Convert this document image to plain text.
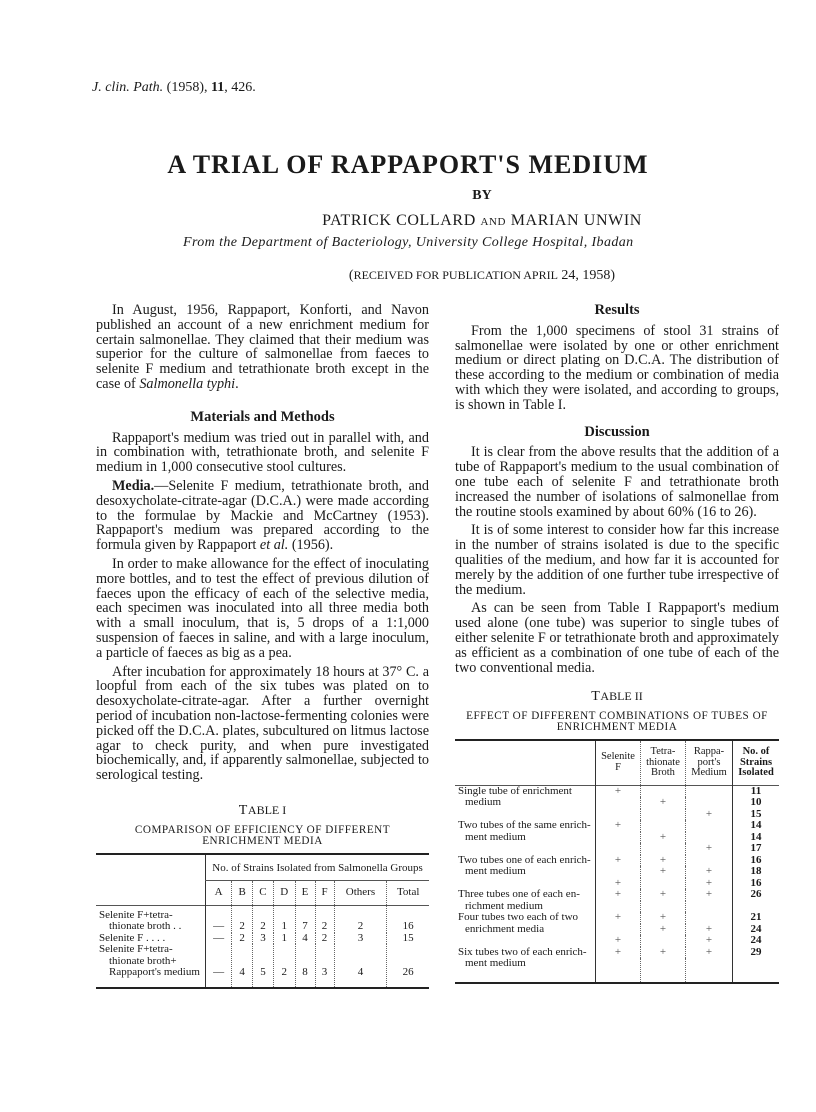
J. clin. Path. (1958), 11, 426.
A TRIAL OF RAPPAPORT'S MEDIUM
BY
PATRICK COLLARD AND MARIAN UNWIN
From the Department of Bacteriology, University College Hospital, Ibadan
(RECEIVED FOR PUBLICATION APRIL 24, 1958)

In August, 1956, Rappaport, Konforti, and Navon published an account of a new enrichment medium for certain salmonellae. They claimed that their medium was superior for the culture of salmonellae from faeces to selenite F medium and tetrathionate broth except in the case of Salmonella typhi.

Materials and Methods

Rappaport's medium was tried out in parallel with, and in combination with, tetrathionate broth, and selenite F medium in 1,000 consecutive stool cultures.

Media.—Selenite F medium, tetrathionate broth, and desoxycholate-citrate-agar (D.C.A.) were made according to the formulae by Mackie and McCartney (1953). Rappaport's medium was prepared according to the formula given by Rappaport et al. (1956).

In order to make allowance for the effect of inoculating more bottles, and to test the effect of previous dilution of faeces upon the efficacy of each of the selective media, each specimen was inoculated into all three media both with a small inoculum, that is, 5 drops of a 1:1,000 suspension of faeces in saline, and with a large inoculum, a particle of faeces as big as a pea.

After incubation for approximately 18 hours at 37° C. a loopful from each of the six tubes was plated on to desoxycholate-citrate-agar. After a further overnight period of incubation non-lactose-fermenting colonies were picked off the D.C.A. plates, subcultured on litmus lactose agar to check purity, and when pure investigated biochemically, and, if apparently salmonellae, subjected to serological testing.

TABLE I
COMPARISON OF EFFICIENCY OF DIFFERENT ENRICHMENT MEDIA
	No. of Strains Isolated from Salmonella Groups							
	A	B	C	D	E	F	Others	Total

Selenite F+tetra-
thionate broth . .	—	2	2	1	7	2	2	16
Selenite F . . . .	—	2	3	1	4	2	3	15

Selenite F+tetra-
thionate broth+
Rappaport's medium	—	4	5	2	8	3	4	26
Results

From the 1,000 specimens of stool 31 strains of salmonellae were isolated by one or other enrichment medium or direct plating on D.C.A. The distribution of these according to the medium or combination of media with which they were isolated, and according to groups, is shown in Table I.

Discussion

It is clear from the above results that the addition of a tube of Rappaport's medium to the usual combination of one tube each of selenite F and tetrathionate broth increased the number of isolations of salmonellae from the routine stools examined by about 60% (16 to 26).

It is of some interest to consider how far this increase in the number of strains isolated is due to the specific qualities of the medium, and how far it is accounted for merely by the addition of one further tube irrespective of the medium.

As can be seen from Table I Rappaport's medium used alone (one tube) was superior to single tubes of either selenite F or tetrathionate broth and approximately as efficient as a combination of one tube of each of the two conventional media.

TABLE II
EFFECT OF DIFFERENT COMBINATIONS OF TUBES OF ENRICHMENT MEDIA

Selenite
F

Tetra-
thionate
Broth

Rappa-
port's
Medium

No. of
Strains
Isolated

Single tube of enrichment	+			11
medium		+		10
			+	15
Two tubes of the same enrich-	+			14
ment medium		+		14
			+	17
Two tubes one of each enrich-	+	+		16
ment medium		+	+	18
	+		+	16
Three tubes one of each en-	+	+	+	26
richment medium				
Four tubes two each of two	+	+		21
enrichment media		+	+	24
	+		+	24
Six tubes two of each enrich-	+	+	+	29
ment medium				
